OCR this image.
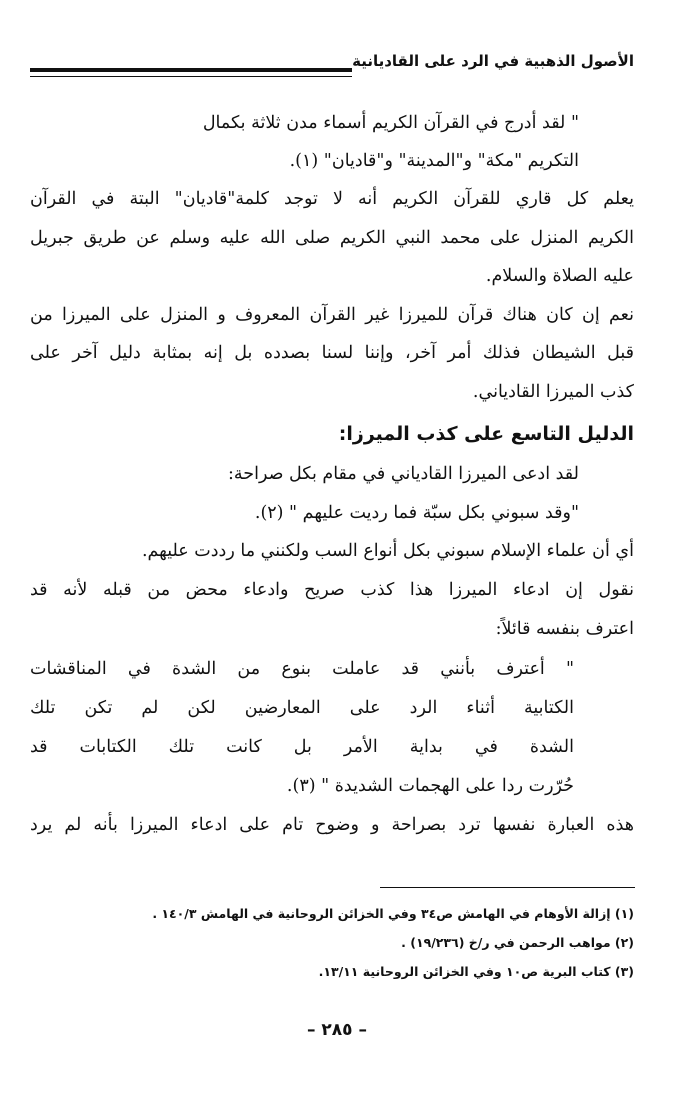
الأصول الذهبية في الرد على القاديانية
" لقد أدرج في القرآن الكريم أسماء مدن ثلاثة بكمال
التكريم "مكة" و"المدينة" و"قاديان" (١).
يعلم كل قاري للقرآن الكريم أنه لا توجد كلمة"قاديان" البتة في القرآن
الكريم المنزل على محمد النبي الكريم صلى الله عليه وسلم عن طريق جبريل
عليه الصلاة والسلام.
نعم إن كان هناك قرآن للميرزا غير القرآن المعروف و المنزل على الميرزا من
قبل الشيطان فذلك أمر آخر، وإننا لسنا بصدده بل إنه بمثابة دليل آخر على
كذب الميرزا القادياني.
الدليل التاسع على كذب الميرزا:
لقد ادعى الميرزا القادياني في مقام بكل صراحة:
"وقد سبوني بكل سبّة فما رديت عليهم " (٢).
أي أن علماء الإسلام سبوني بكل أنواع السب ولكنني ما رددت عليهم.
نقول إن ادعاء الميرزا هذا كذب صريح وادعاء محض من قبله لأنه قد
اعترف بنفسه قائلاً:
" أعترف بأنني قد عاملت بنوع من الشدة في المناقشات
الكتابية أثناء الرد على المعارضين لكن لم تكن تلك
الشدة في بداية الأمر بل كانت تلك الكتابات قد
حُرّرت ردا على الهجمات الشديدة " (٣).
هذه العبارة نفسها ترد بصراحة و وضوح تام على ادعاء الميرزا بأنه لم يرد
(١) إزالة الأوهام في الهامش ص٣٤ وفي الخزائن الروحانية في الهامش ١٤٠/٣ .
(٢) مواهب الرحمن في ر/خ (١٩/٢٣٦) .
(٣) كتاب البرية ص١٠ وفي الخزائن الروحانية ١٣/١١.
– ٢٨٥ –
